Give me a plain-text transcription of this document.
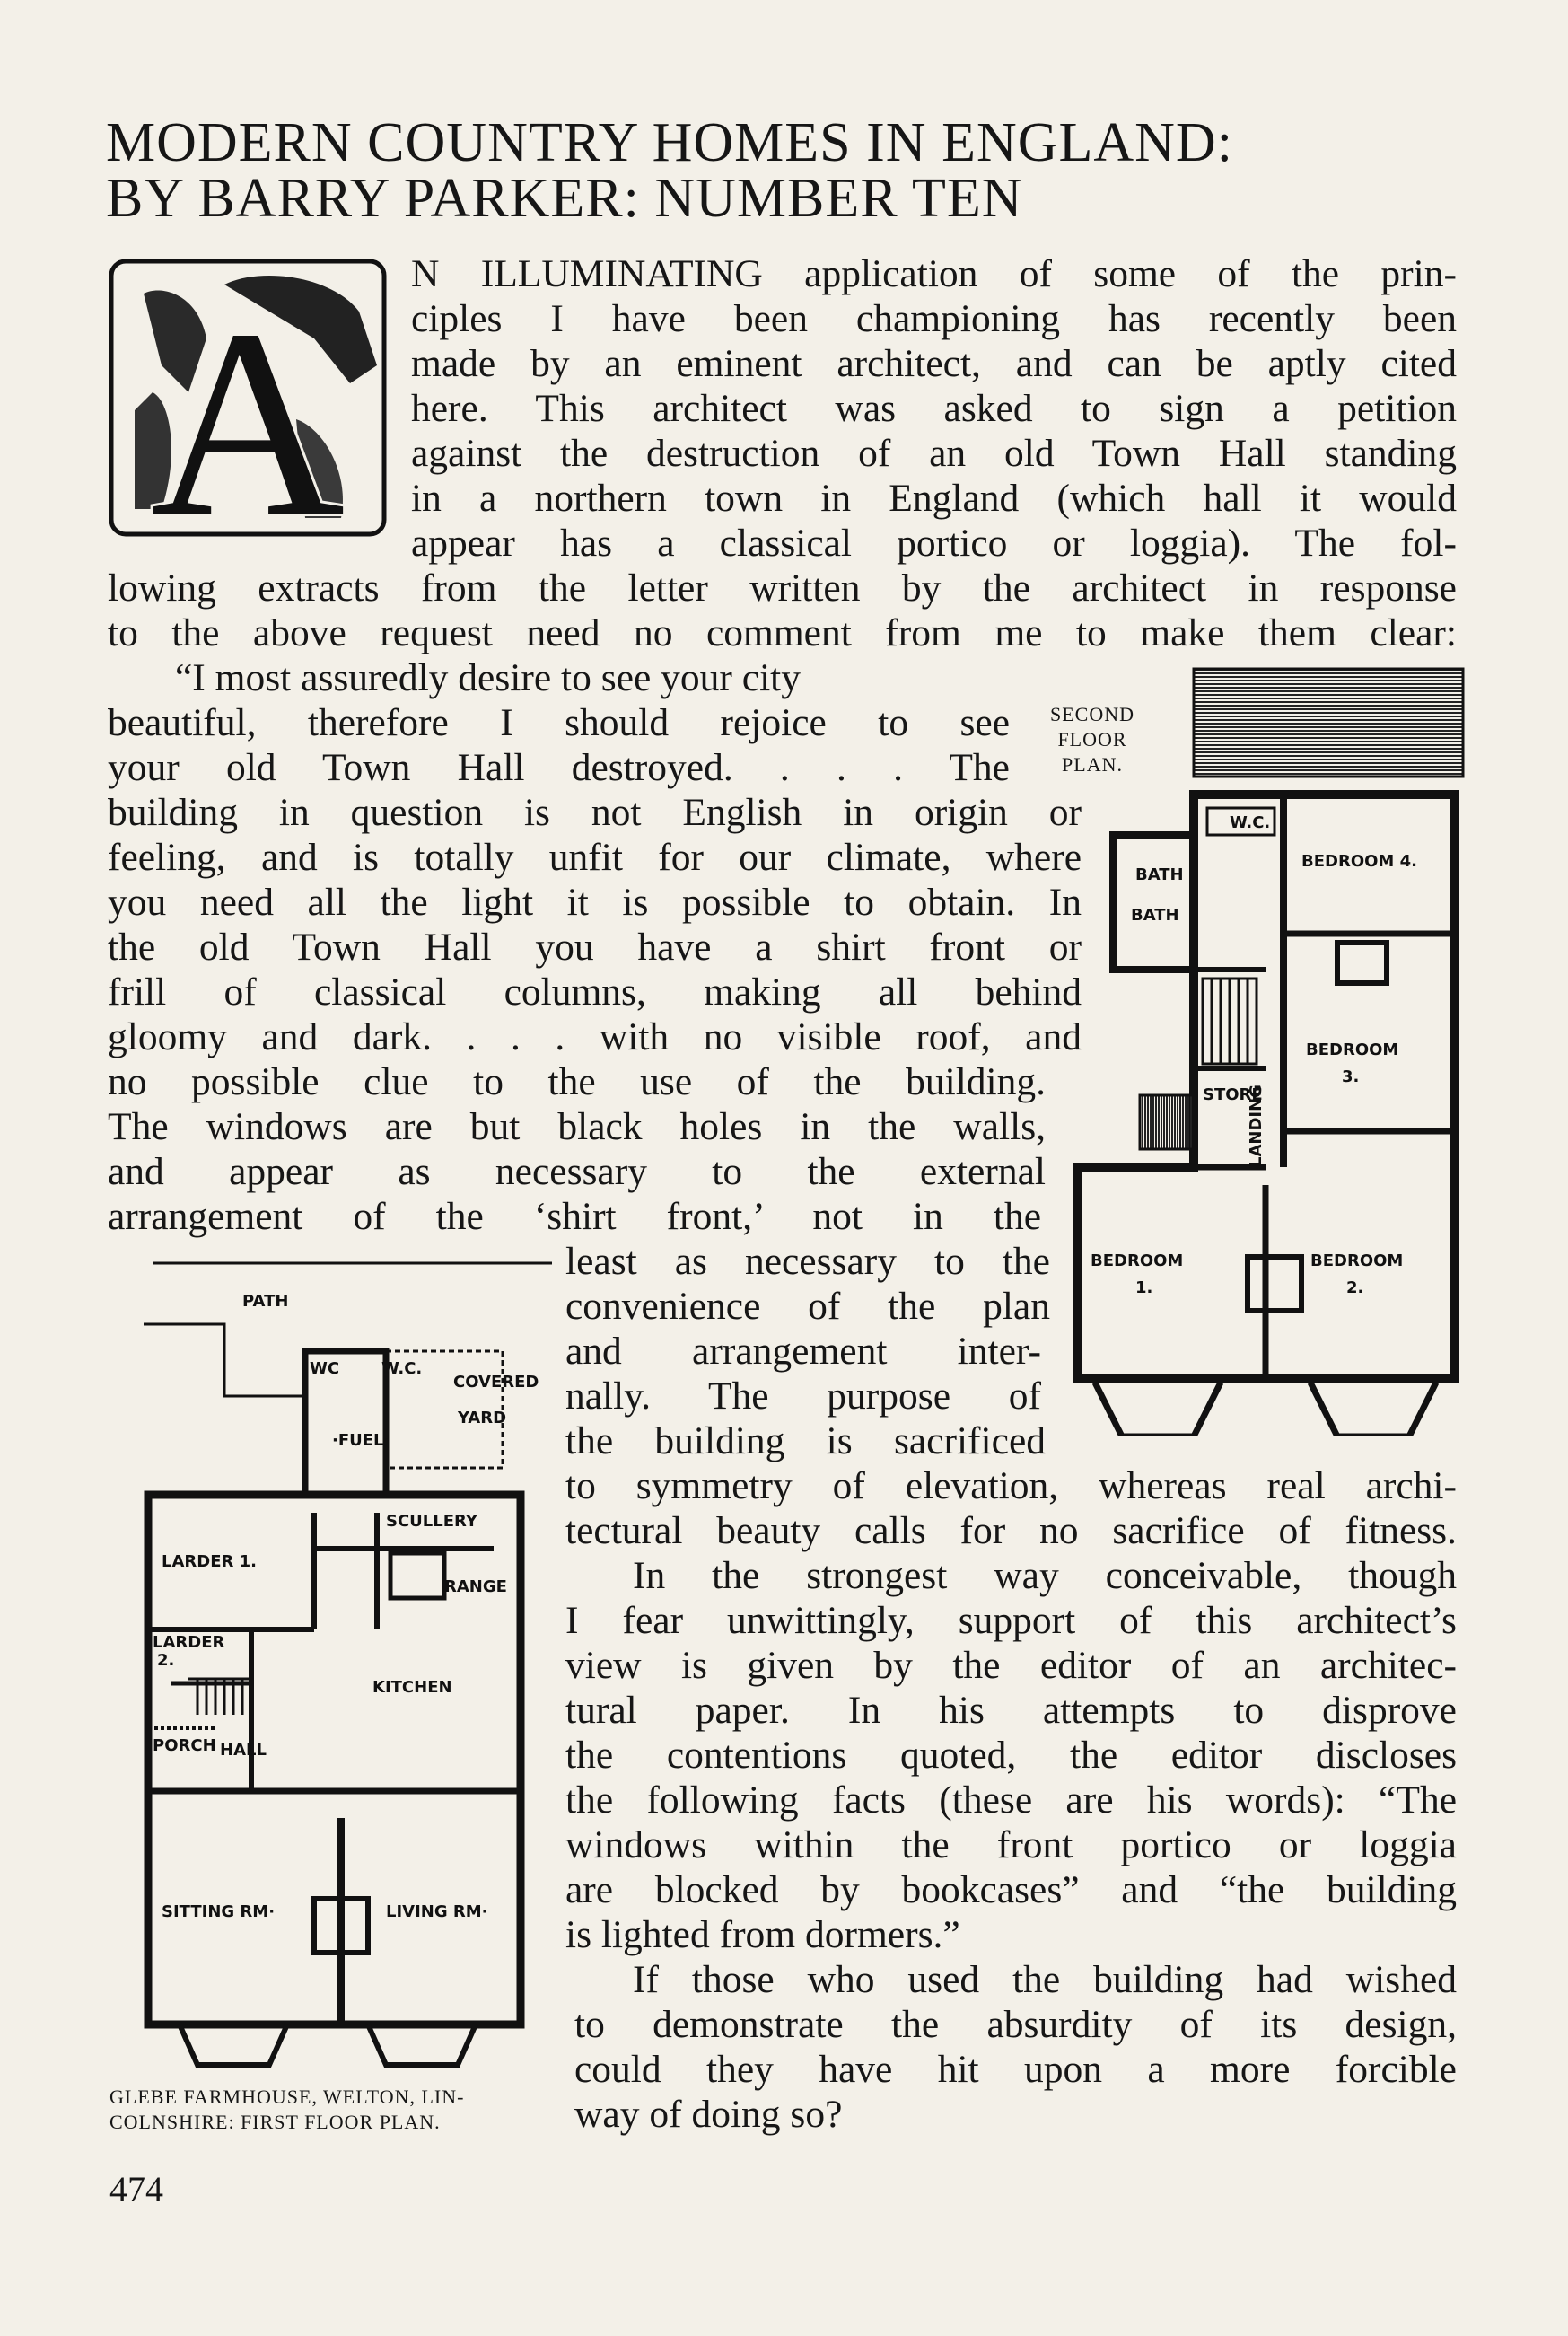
MODERN COUNTRY HOMES IN ENGLAND:
BY BARRY PARKER: NUMBER TEN
A N ILLUMINATING application of some of the prin-
ciples I have been championing has recently been
made by an eminent architect, and can be aptly cited
here. This architect was asked to sign a petition
against the destruction of an old Town Hall standing
in a northern town in England (which hall it would
appear has a classical portico or loggia). The fol-
lowing extracts from the letter written by the architect in response
to the above request need no comment from me to make them clear:
“I most assuredly desire to see your city
beautiful, therefore I should rejoice to see
your old Town Hall destroyed. . . . The
building in question is not English in origin or
feeling, and is totally unfit for our climate, where
you need all the light it is possible to obtain. In
the old Town Hall you have a shirt front or
frill of classical columns, making all behind
gloomy and dark. . . . with no visible roof, and
no possible clue to the use of the building.
The windows are but black holes in the walls,
and appear as necessary to the external
arrangement of the ‘shirt front,’ not in the
least as necessary to the
convenience of the plan
and arrangement inter-
nally. The purpose of
the building is sacrificed
to symmetry of elevation, whereas real archi-
tectural beauty calls for no sacrifice of fitness.
In the strongest way conceivable, though
I fear unwittingly, support of this architect’s
view is given by the editor of an architec-
tural paper. In his attempts to disprove
the contentions quoted, the editor discloses
the following facts (these are his words): “The
windows within the front portico or loggia
are blocked by bookcases” and “the building
is lighted from dormers.”
If those who used the building had wished
to demonstrate the absurdity of its design,
could they have hit upon a more forcible
way of doing so?
SECOND
FLOOR
PLAN.
W.C.
BATH
BATH
BEDROOM 4.
BEDROOM
3.
STORE
LANDING
BEDROOM
1.
BEDROOM
2.
PATH
WC	W.C.
COVERED
YARD
·FUEL·
SCULLERY
LARDER 1.
RANGE
LARDER
2.
KITCHEN
PORCH HALL
SITTING RM·	LIVING RM·
GLEBE FARMHOUSE, WELTON, LIN-
COLNSHIRE: FIRST FLOOR PLAN.
474
